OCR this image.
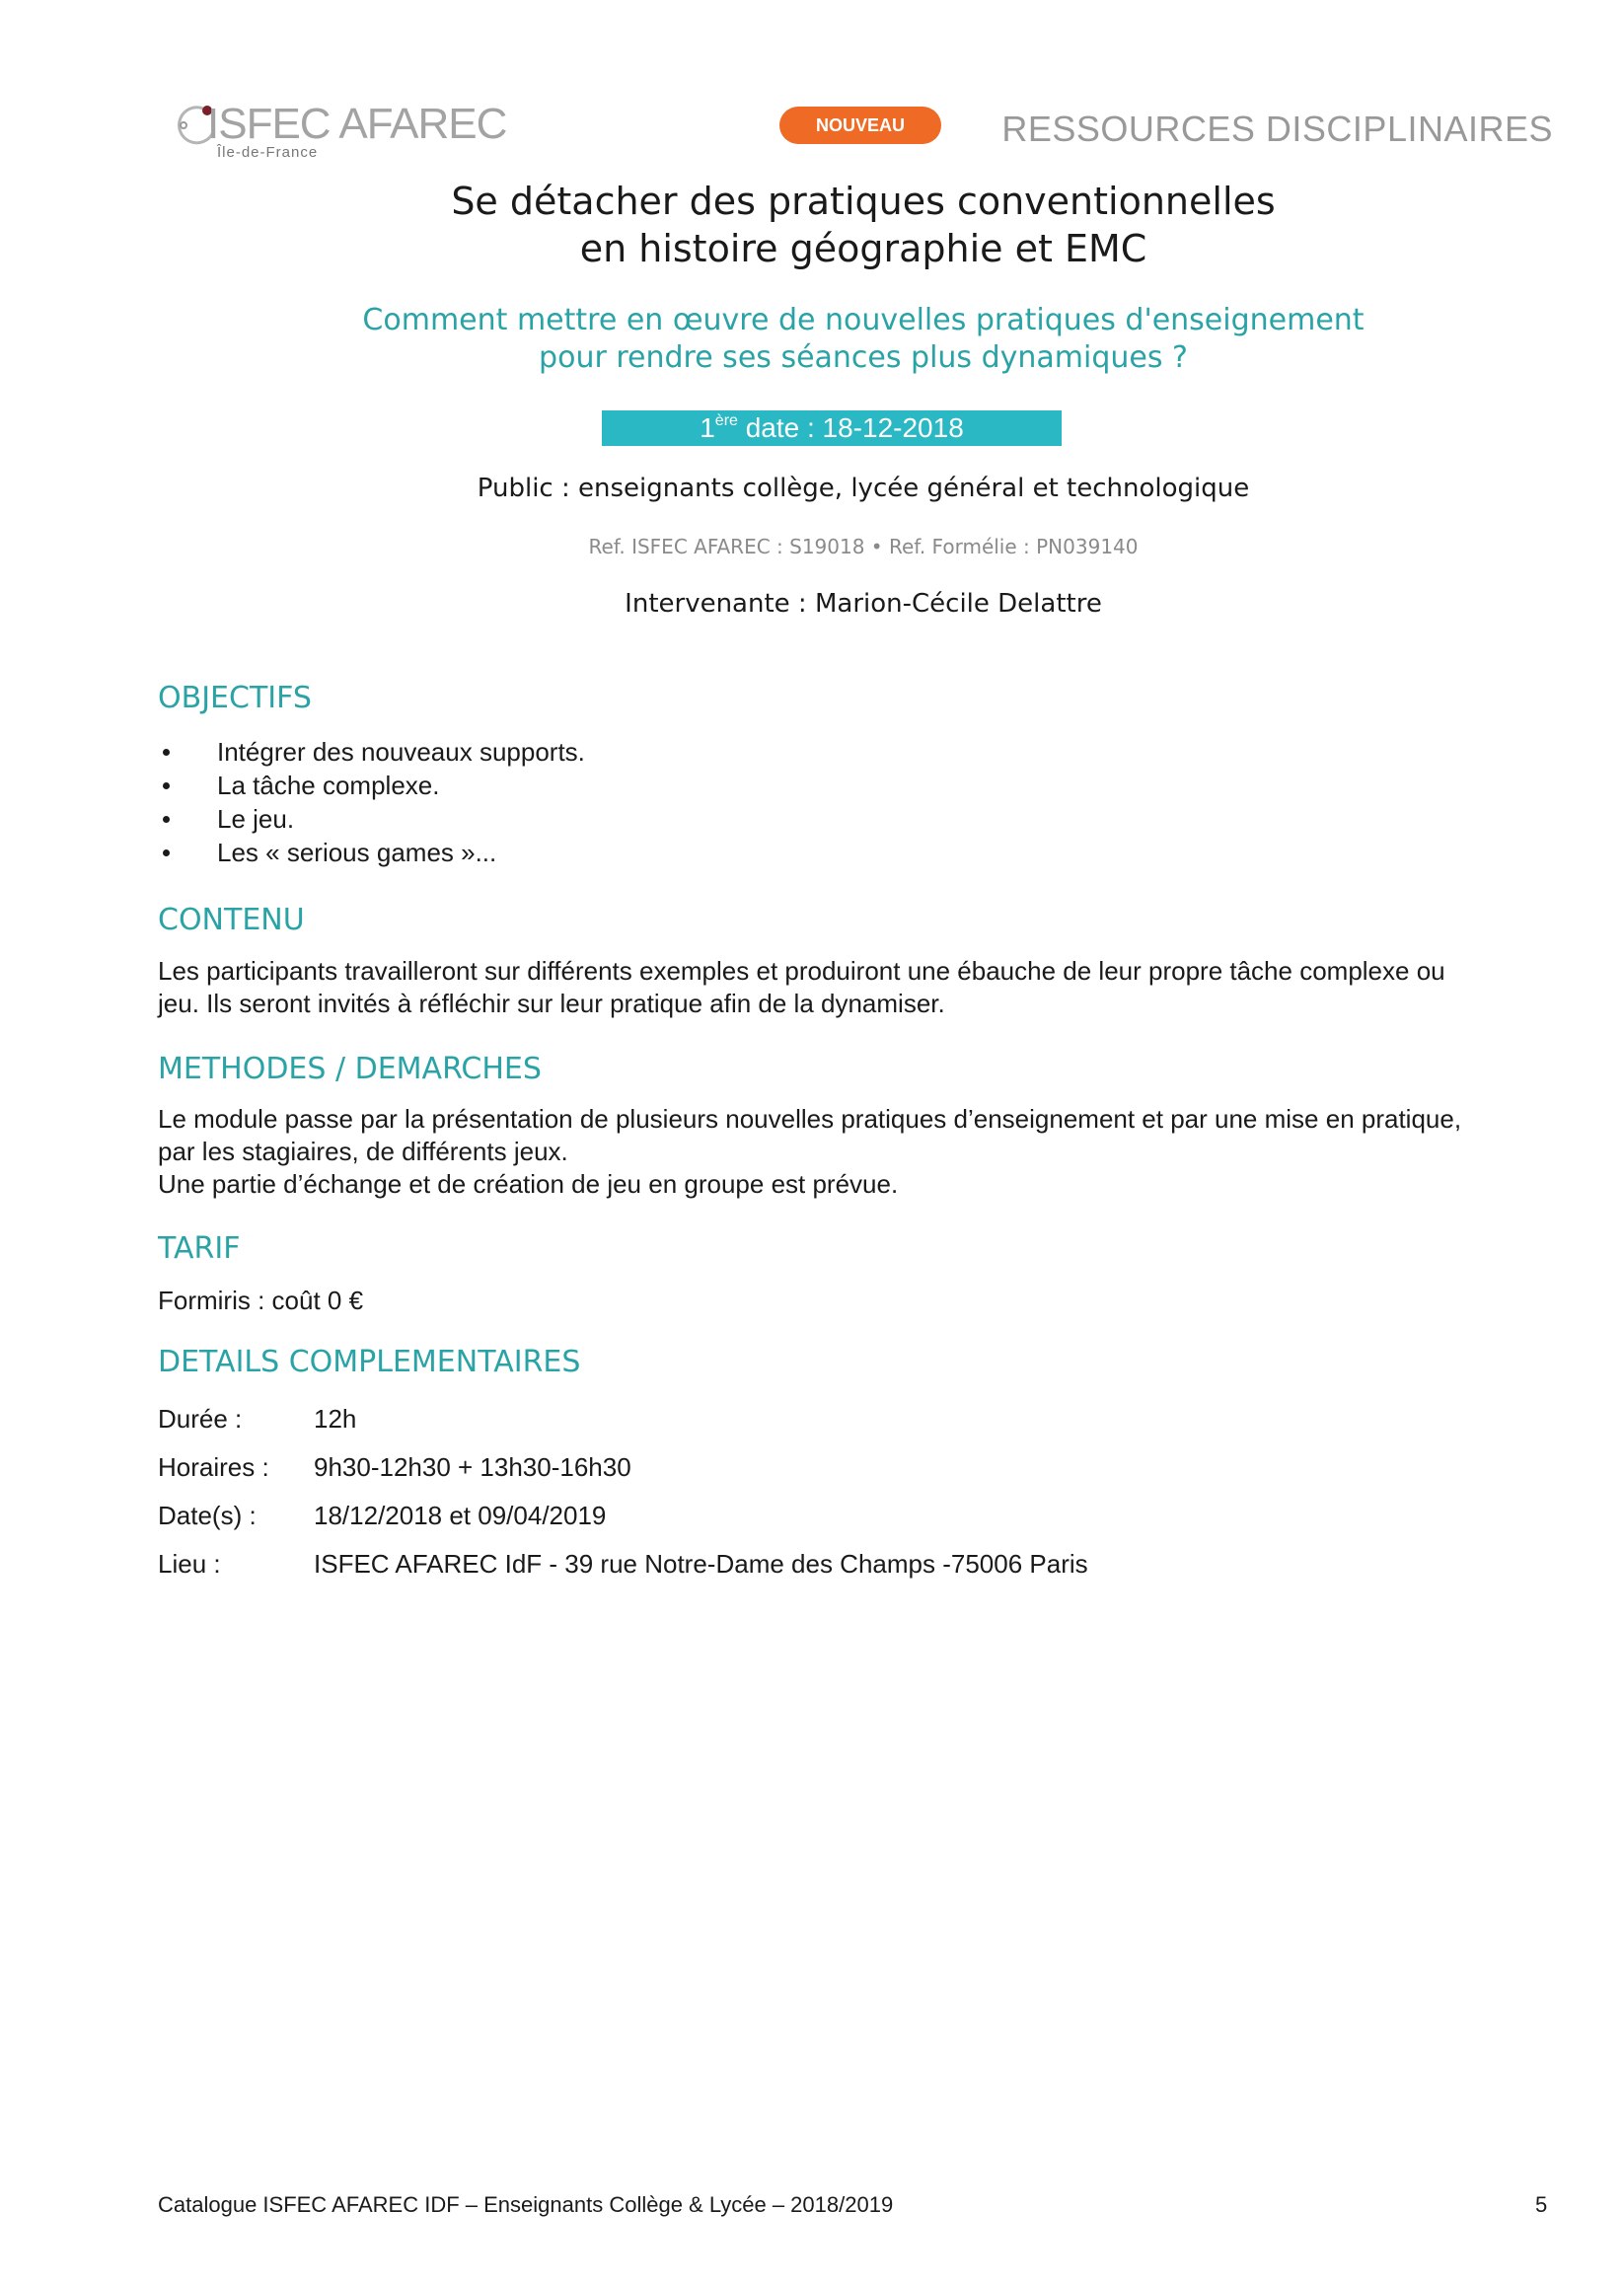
ISFEC AFAREC
Île-de-France
NOUVEAU	RESSOURCES DISCIPLINAIRES
Se détacher des pratiques conventionnelles
en histoire géographie et EMC
Comment mettre en œuvre de nouvelles pratiques d'enseignement
pour rendre ses séances plus dynamiques ?
1ère date : 18-12-2018
Public : enseignants collège, lycée général et technologique
Ref. ISFEC AFAREC : S19018 • Ref. Formélie : PN039140
Intervenante : Marion-Cécile Delattre
OBJECTIFS
Intégrer des nouveaux supports.
La tâche complexe.
Le jeu.
Les « serious games »...
CONTENU
Les participants travailleront sur différents exemples et produiront une ébauche de leur propre tâche complexe ou
jeu. Ils seront invités à réfléchir sur leur pratique afin de la dynamiser.
METHODES / DEMARCHES
Le module passe par la présentation de plusieurs nouvelles pratiques d’enseignement et par une mise en pratique,
par les stagiaires, de différents jeux.
Une partie d’échange et de création de jeu en groupe est prévue.
TARIF
Formiris : coût 0 €
DETAILS COMPLEMENTAIRES
Durée :	12h
Horaires : 9h30-12h30 + 13h30-16h30
Date(s) : 18/12/2018 et 09/04/2019
Lieu :	ISFEC AFAREC IdF - 39 rue Notre-Dame des Champs -75006 Paris
Catalogue ISFEC AFAREC IDF – Enseignants Collège & Lycée – 2018/2019	5
